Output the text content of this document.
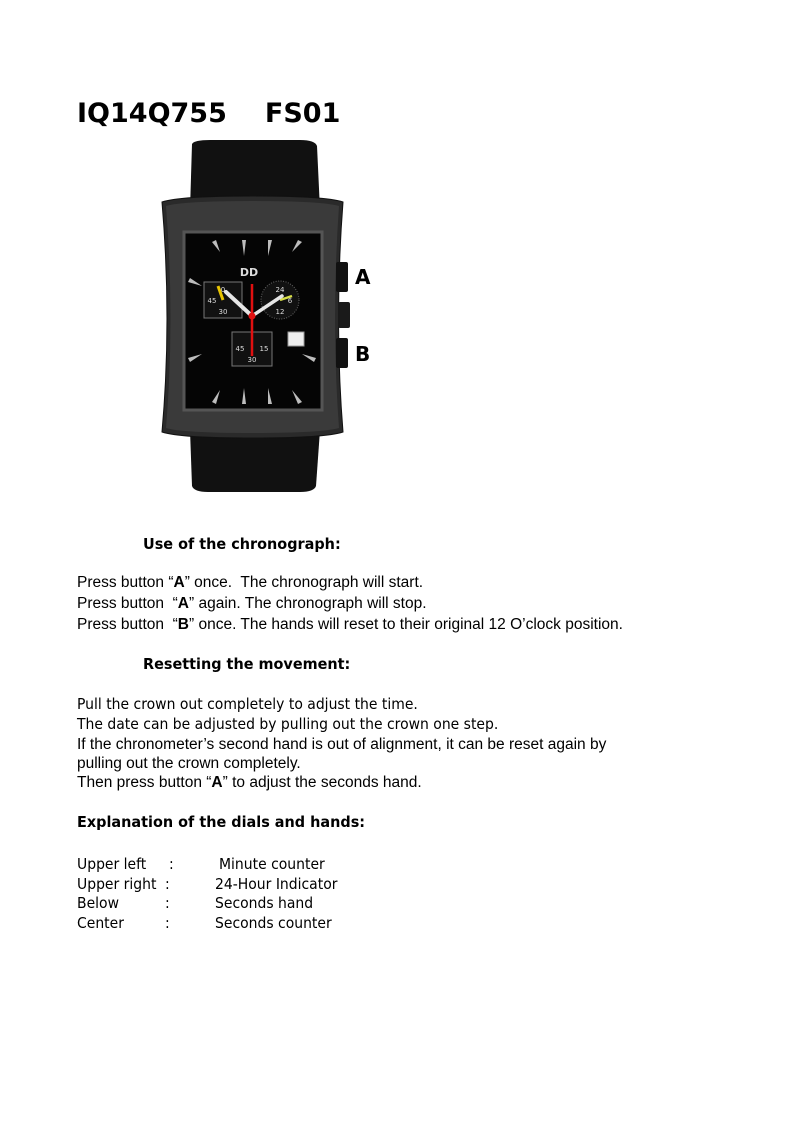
IQ14Q755 FS01
DD
0
45
30
24
6
12
45 15
30
A
B
Use of the chronograph:
Press button “A” once.  The chronograph will start.
Press button  “A” again. The chronograph will stop.
Press button  “B” once. The hands will reset to their original 12 O’clock position.
Resetting the movement:
Pull the crown out completely to adjust the time.
The date can be adjusted by pulling out the crown one step.
If the chronometer’s second hand is out of alignment, it can be reset again by
pulling out the crown completely.
Then press button “A” to adjust the seconds hand.
Explanation of the dials and hands:
Upper left :	Minute counter
Upper right :	24-Hour Indicator
Below	:	Seconds hand
Center	:	Seconds counter
